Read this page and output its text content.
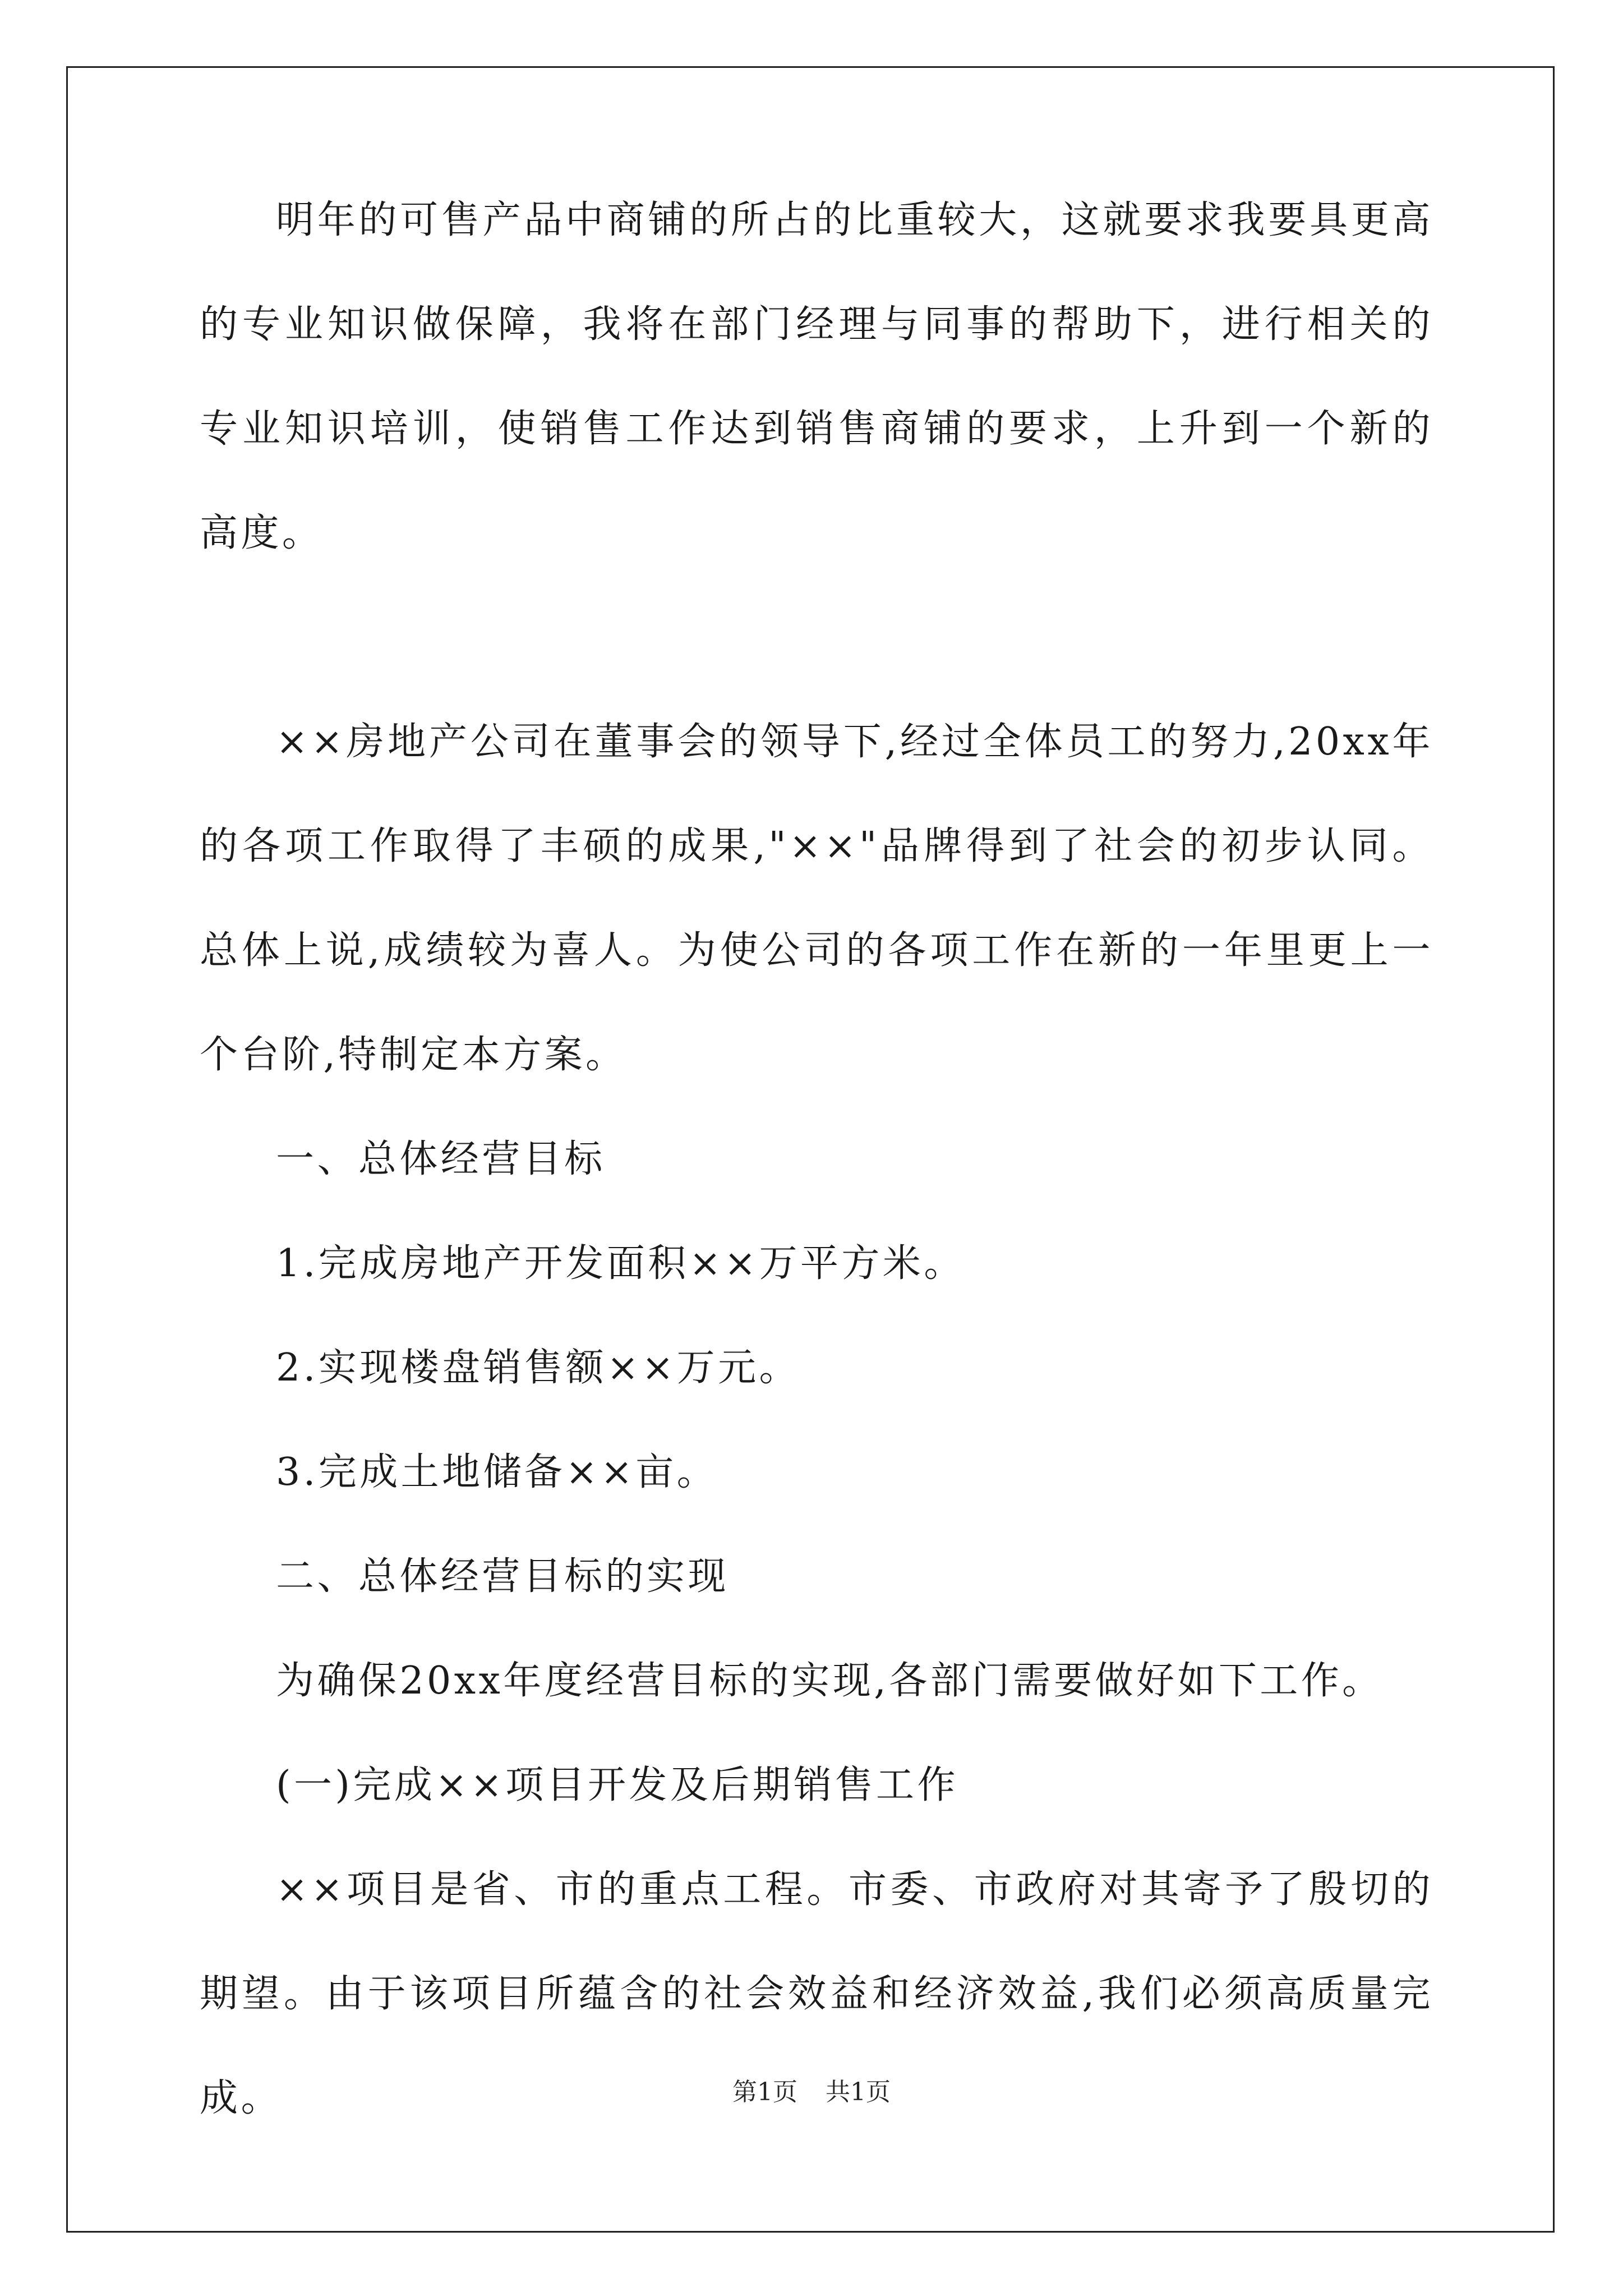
明年的可售产品中商铺的所占的比重较大，这就要求我要具更高的专业知识做保障，我将在部门经理与同事的帮助下，进行相关的专业知识培训，使销售工作达到销售商铺的要求，上升到一个新的高度。

××房地产公司在董事会的领导下,经过全体员工的努力,20xx年的各项工作取得了丰硕的成果,"××"品牌得到了社会的初步认同。总体上说,成绩较为喜人。为使公司的各项工作在新的一年里更上一个台阶,特制定本方案。

一、总体经营目标

1.完成房地产开发面积××万平方米。

2.实现楼盘销售额××万元。

3.完成土地储备××亩。

二、总体经营目标的实现

为确保20xx年度经营目标的实现,各部门需要做好如下工作。

(一)完成××项目开发及后期销售工作

××项目是省、市的重点工程。市委、市政府对其寄予了殷切的期望。由于该项目所蕴含的社会效益和经济效益,我们必须高质量完成。	第1页 共1页
